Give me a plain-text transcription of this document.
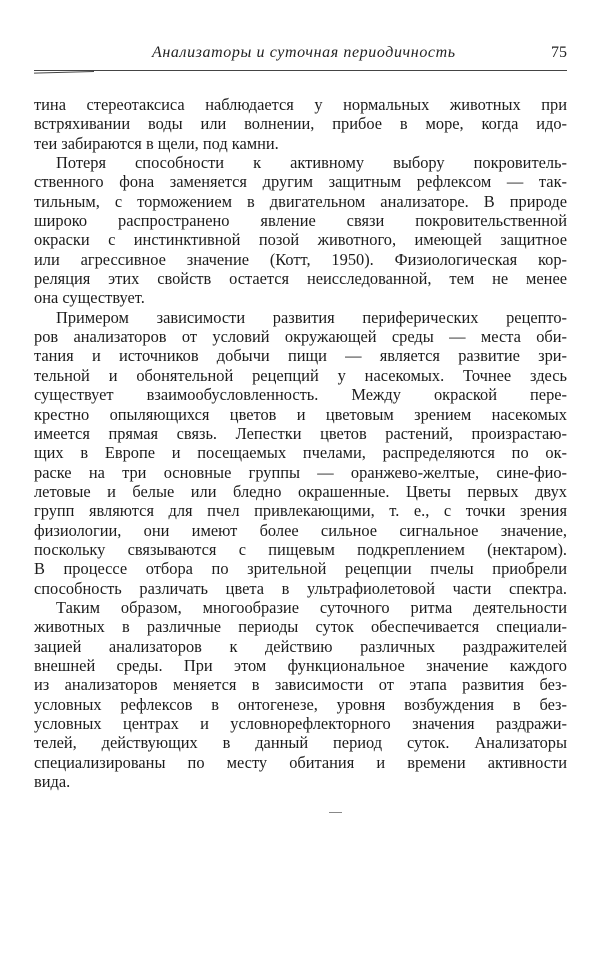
Анализаторы и суточная периодичность	75
тина стереотаксиса наблюдается у нормальных животных при
встряхивании воды или волнении, прибое в море, когда идо-
теи забираются в щели, под камни.
Потеря способности к активному выбору покровитель-
ственного фона заменяется другим защитным рефлексом — так-
тильным, с торможением в двигательном анализаторе. В природе
широко распространено явление связи покровительственной
окраски с инстинктивной позой животного, имеющей защитное
или агрессивное значение (Котт, 1950). Физиологическая кор-
реляция этих свойств остается неисследованной, тем не менее
она существует.
Примером зависимости развития периферических рецепто-
ров анализаторов от условий окружающей среды — места оби-
тания и источников добычи пищи — является развитие зри-
тельной и обонятельной рецепций у насекомых. Точнее здесь
существует взаимообусловленность. Между окраской пере-
крестно опыляющихся цветов и цветовым зрением насекомых
имеется прямая связь. Лепестки цветов растений, произрастаю-
щих в Европе и посещаемых пчелами, распределяются по ок-
раске на три основные группы — оранжево-желтые, сине-фио-
летовые и белые или бледно окрашенные. Цветы первых двух
групп являются для пчел привлекающими, т. е., с точки зрения
физиологии, они имеют более сильное сигнальное значение,
поскольку связываются с пищевым подкреплением (нектаром).
В процессе отбора по зрительной рецепции пчелы приобрели
способность различать цвета в ультрафиолетовой части спектра.
Таким образом, многообразие суточного ритма деятельности
животных в различные периоды суток обеспечивается специали-
зацией анализаторов к действию различных раздражителей
внешней среды. При этом функциональное значение каждого
из анализаторов меняется в зависимости от этапа развития без-
условных рефлексов в онтогенезе, уровня возбуждения в без-
условных центрах и условнорефлекторного значения раздражи-
телей, действующих в данный период суток. Анализаторы
специализированы по месту обитания и времени активности
вида.
